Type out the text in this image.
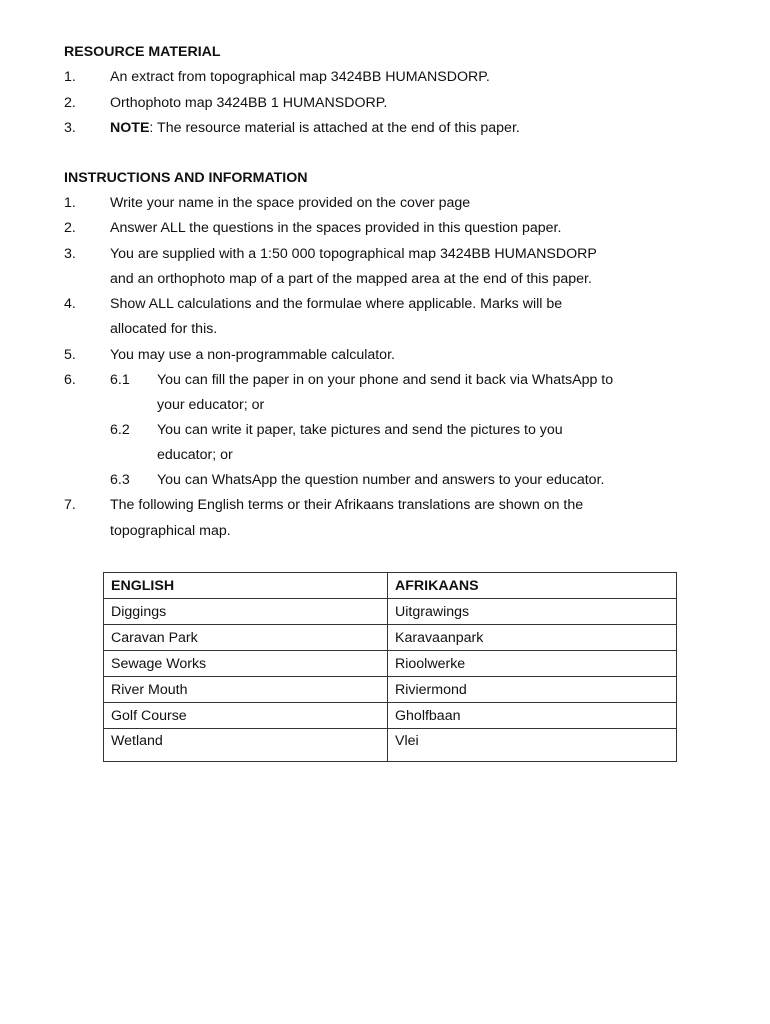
RESOURCE MATERIAL
1. An extract from topographical map 3424BB HUMANSDORP.
2. Orthophoto map 3424BB 1 HUMANSDORP.
3. NOTE: The resource material is attached at the end of this paper.
INSTRUCTIONS AND INFORMATION
1. Write your name in the space provided on the cover page
2. Answer ALL the questions in the spaces provided in this question paper.
3. You are supplied with a 1:50 000 topographical map 3424BB HUMANSDORP
and an orthophoto map of a part of the mapped area at the end of this paper.
4. Show ALL calculations and the formulae where applicable. Marks will be
allocated for this.
5. You may use a non-programmable calculator.
6. 6.1 You can fill the paper in on your phone and send it back via WhatsApp to
your educator; or
6.2 You can write it paper, take pictures and send the pictures to you
educator; or
6.3 You can WhatsApp the question number and answers to your educator.
7. The following English terms or their Afrikaans translations are shown on the
topographical map.
ENGLISH	AFRIKAANS
Diggings	Uitgrawings
Caravan Park	Karavaanpark
Sewage Works	Rioolwerke
River Mouth	Riviermond
Golf Course	Gholfbaan
Wetland	Vlei
